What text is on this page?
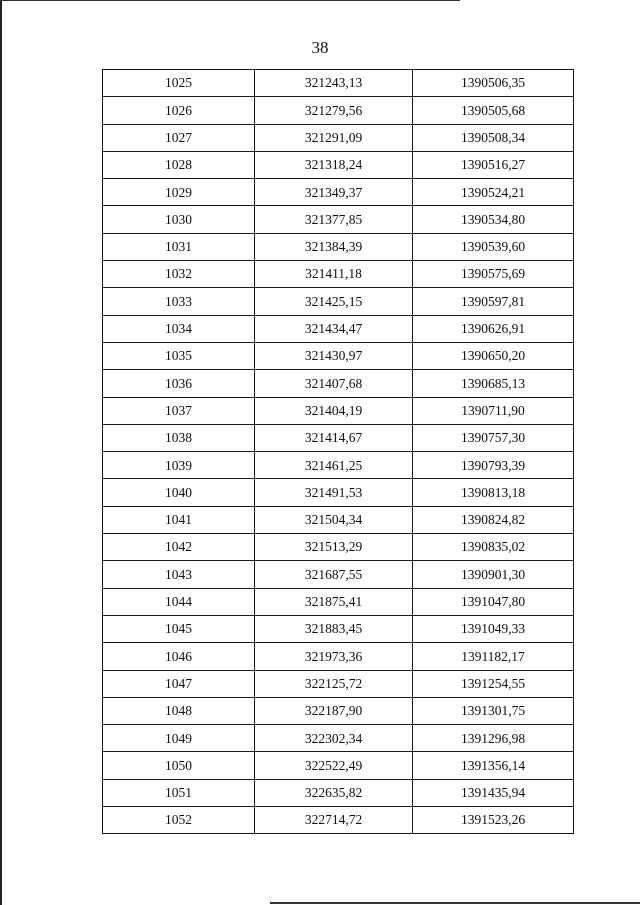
38
1025	321243,13	1390506,35
1026	321279,56	1390505,68
1027	321291,09	1390508,34
1028	321318,24	1390516,27
1029	321349,37	1390524,21
1030	321377,85	1390534,80
1031	321384,39	1390539,60
1032	321411,18	1390575,69
1033	321425,15	1390597,81
1034	321434,47	1390626,91
1035	321430,97	1390650,20
1036	321407,68	1390685,13
1037	321404,19	1390711,90
1038	321414,67	1390757,30
1039	321461,25	1390793,39
1040	321491,53	1390813,18
1041	321504,34	1390824,82
1042	321513,29	1390835,02
1043	321687,55	1390901,30
1044	321875,41	1391047,80
1045	321883,45	1391049,33
1046	321973,36	1391182,17
1047	322125,72	1391254,55
1048	322187,90	1391301,75
1049	322302,34	1391296,98
1050	322522,49	1391356,14
1051	322635,82	1391435,94
1052	322714,72	1391523,26
